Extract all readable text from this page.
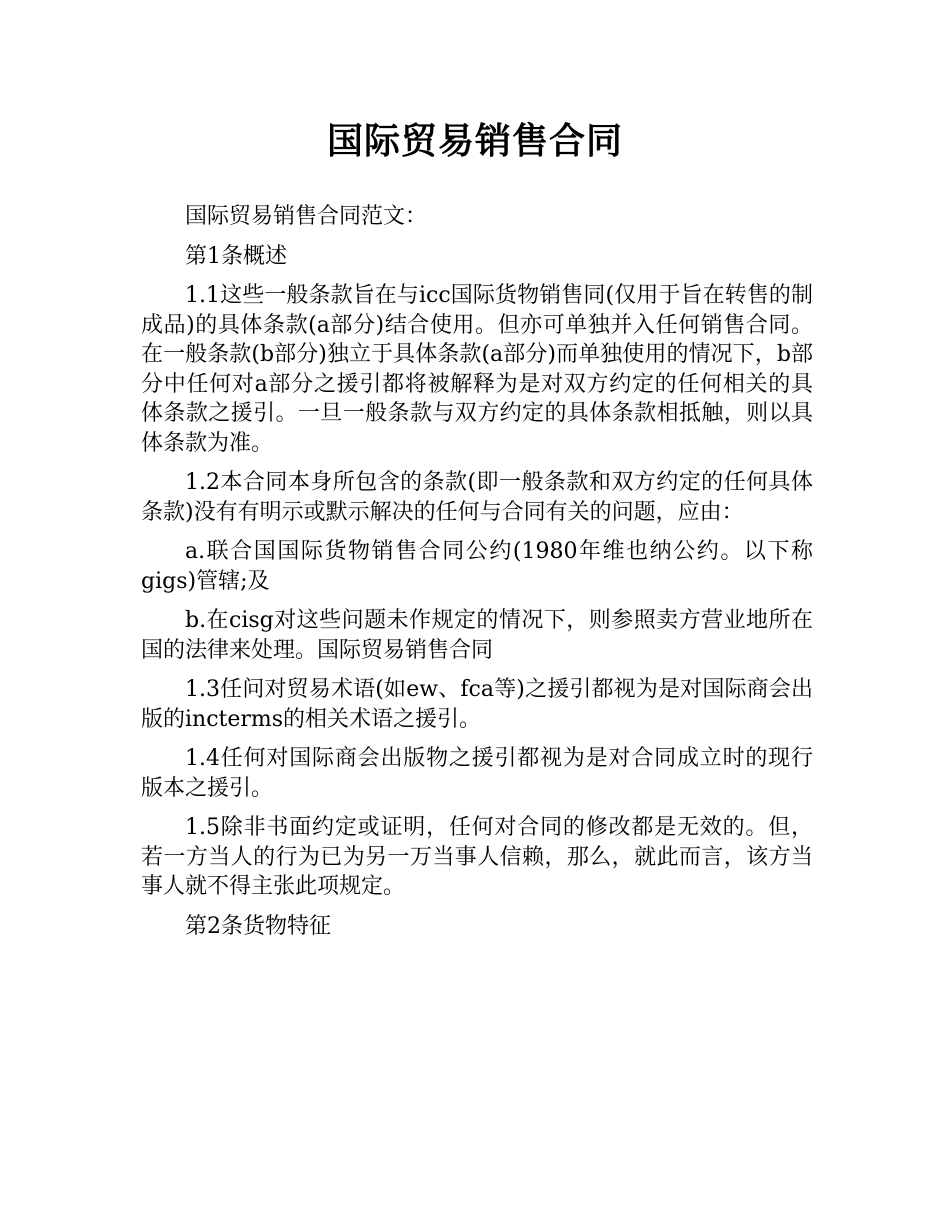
国际贸易销售合同

国际贸易销售合同范文：

第1条概述

1.1这些一般条款旨在与icc国际货物销售同(仅用于旨在转售的制成品)的具体条款(a部分)结合使用。但亦可单独并入任何销售合同。在一般条款(b部分)独立于具体条款(a部分)而单独使用的情况下，b部分中任何对a部分之援引都将被解释为是对双方约定的任何相关的具体条款之援引。一旦一般条款与双方约定的具体条款相抵触，则以具体条款为准。

1.2本合同本身所包含的条款(即一般条款和双方约定的任何具体条款)没有有明示或默示解决的任何与合同有关的问题，应由：

a.联合国国际货物销售合同公约(1980年维也纳公约。以下称gigs)管辖;及

b.在cisg对这些问题未作规定的情况下，则参照卖方营业地所在国的法律来处理。国际贸易销售合同

1.3任问对贸易术语(如ew、fca等)之援引都视为是对国际商会出版的incterms的相关术语之援引。

1.4任何对国际商会出版物之援引都视为是对合同成立时的现行版本之援引。

1.5除非书面约定或证明，任何对合同的修改都是无效的。但，若一方当人的行为已为另一万当事人信赖，那么，就此而言，该方当事人就不得主张此项规定。

第2条货物特征
